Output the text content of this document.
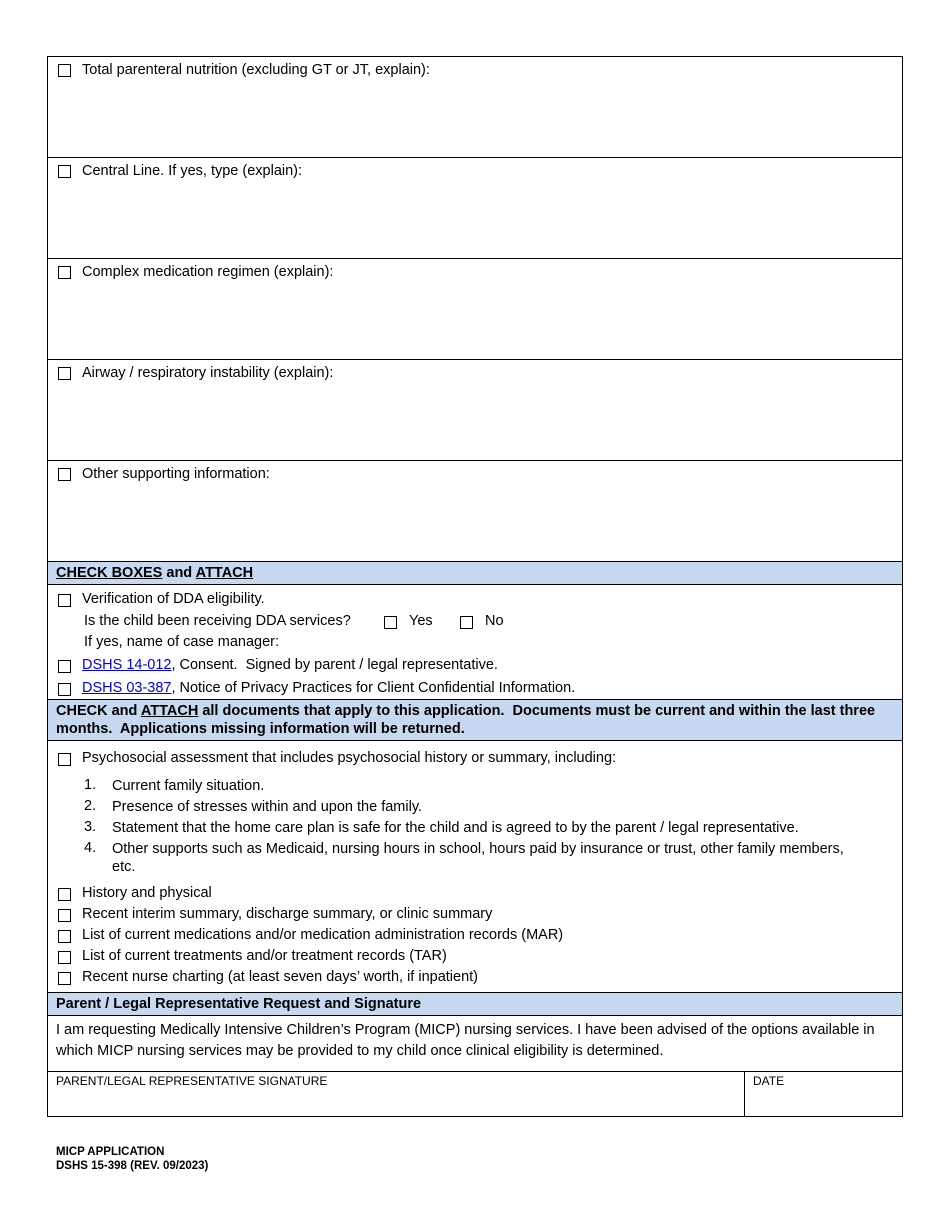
Total parenteral nutrition (excluding GT or JT, explain):
Central Line. If yes, type (explain):
Complex medication regimen (explain):
Airway / respiratory instability (explain):
Other supporting information:
CHECK BOXES and ATTACH
Verification of DDA eligibility.
Is the child been receiving DDA services?	Yes	No
If yes, name of case manager:
DSHS 14-012, Consent.  Signed by parent / legal representative.
DSHS 03-387, Notice of Privacy Practices for Client Confidential Information.
CHECK and ATTACH all documents that apply to this application.  Documents must be current and within the last three months.  Applications missing information will be returned.
Psychosocial assessment that includes psychosocial history or summary, including:
1. Current family situation.
2. Presence of stresses within and upon the family.
3. Statement that the home care plan is safe for the child and is agreed to by the parent / legal representative.
4. Other supports such as Medicaid, nursing hours in school, hours paid by insurance or trust, other family members, etc.
History and physical
Recent interim summary, discharge summary, or clinic summary
List of current medications and/or medication administration records (MAR)
List of current treatments and/or treatment records (TAR)
Recent nurse charting (at least seven days’ worth, if inpatient)
Parent / Legal Representative Request and Signature
I am requesting Medically Intensive Children’s Program (MICP) nursing services. I have been advised of the options available in which MICP nursing services may be provided to my child once clinical eligibility is determined.
PARENT/LEGAL REPRESENTATIVE SIGNATURE	DATE
MICP APPLICATION
DSHS 15-398 (REV. 09/2023)
